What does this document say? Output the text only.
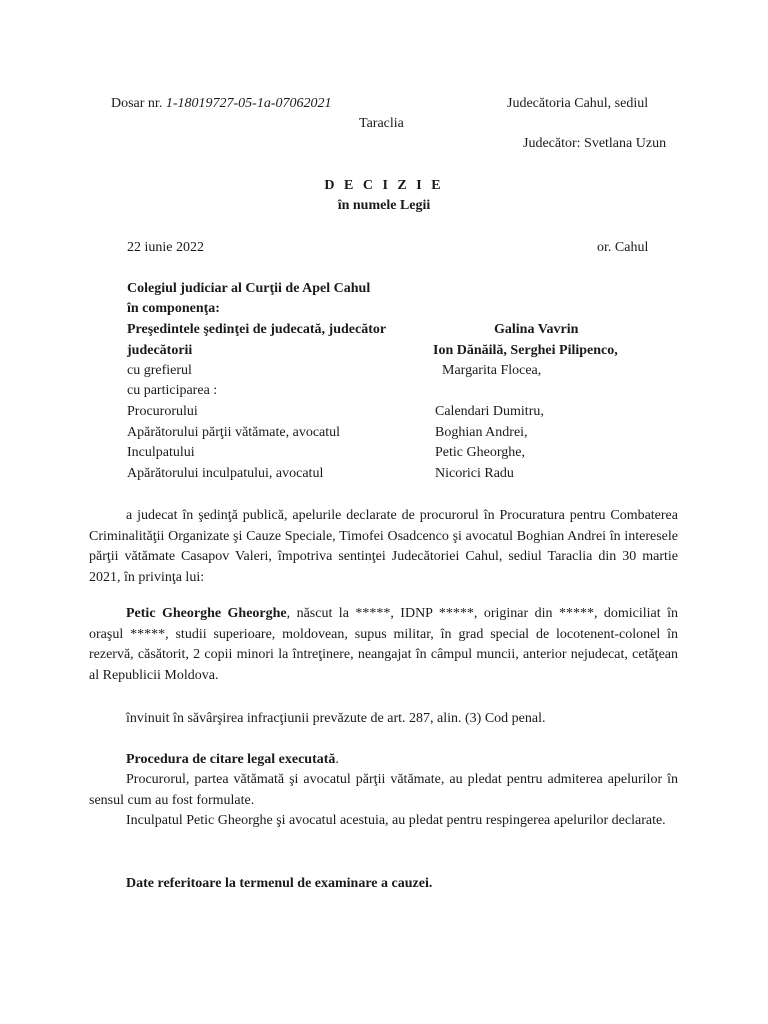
Dosar nr. 1-18019727-05-1a-07062021	Judecătoria Cahul, sediul
Taraclia
Judecător: Svetlana Uzun
D E C I Z I E
în numele Legii
22 iunie 2022	or. Cahul
Colegiul judiciar al Curţii de Apel Cahul
în componenţa:
Preşedintele şedinţei de judecată, judecător	Galina Vavrin
judecătorii	Ion Dănăilă, Serghei Pilipenco,
cu grefierul	Margarita Flocea,
cu participarea :
Procurorului	Calendari Dumitru,
Apărătorului părţii vătămate, avocatul	Boghian Andrei,
Inculpatului	Petic Gheorghe,
Apărătorului inculpatului, avocatul	Nicorici Radu
a judecat în şedinţă publică, apelurile declarate de procurorul în Procuratura pentru Combaterea Criminalităţii Organizate şi Cauze Speciale, Timofei Osadcenco şi avocatul Boghian Andrei în interesele părţii vătămate Casapov Valeri, împotriva sentinţei Judecătoriei Cahul, sediul Taraclia din 30 martie 2021, în privinţa lui:
Petic Gheorghe Gheorghe, născut la *****, IDNP *****, originar din *****, domiciliat în oraşul *****, studii superioare, moldovean, supus militar, în grad special de locotenent-colonel în rezervă, căsătorit, 2 copii minori la întreţinere, neangajat în câmpul muncii, anterior nejudecat, cetăţean al Republicii Moldova.
învinuit în săvârşirea infracţiunii prevăzute de art. 287, alin. (3) Cod penal.
Procedura de citare legal executată.
Procurorul, partea vătămată şi avocatul părţii vătămate, au pledat pentru admiterea apelurilor în sensul cum au fost formulate.
Inculpatul Petic Gheorghe şi avocatul acestuia, au pledat pentru respingerea apelurilor declarate.
Date referitoare la termenul de examinare a cauzei.
